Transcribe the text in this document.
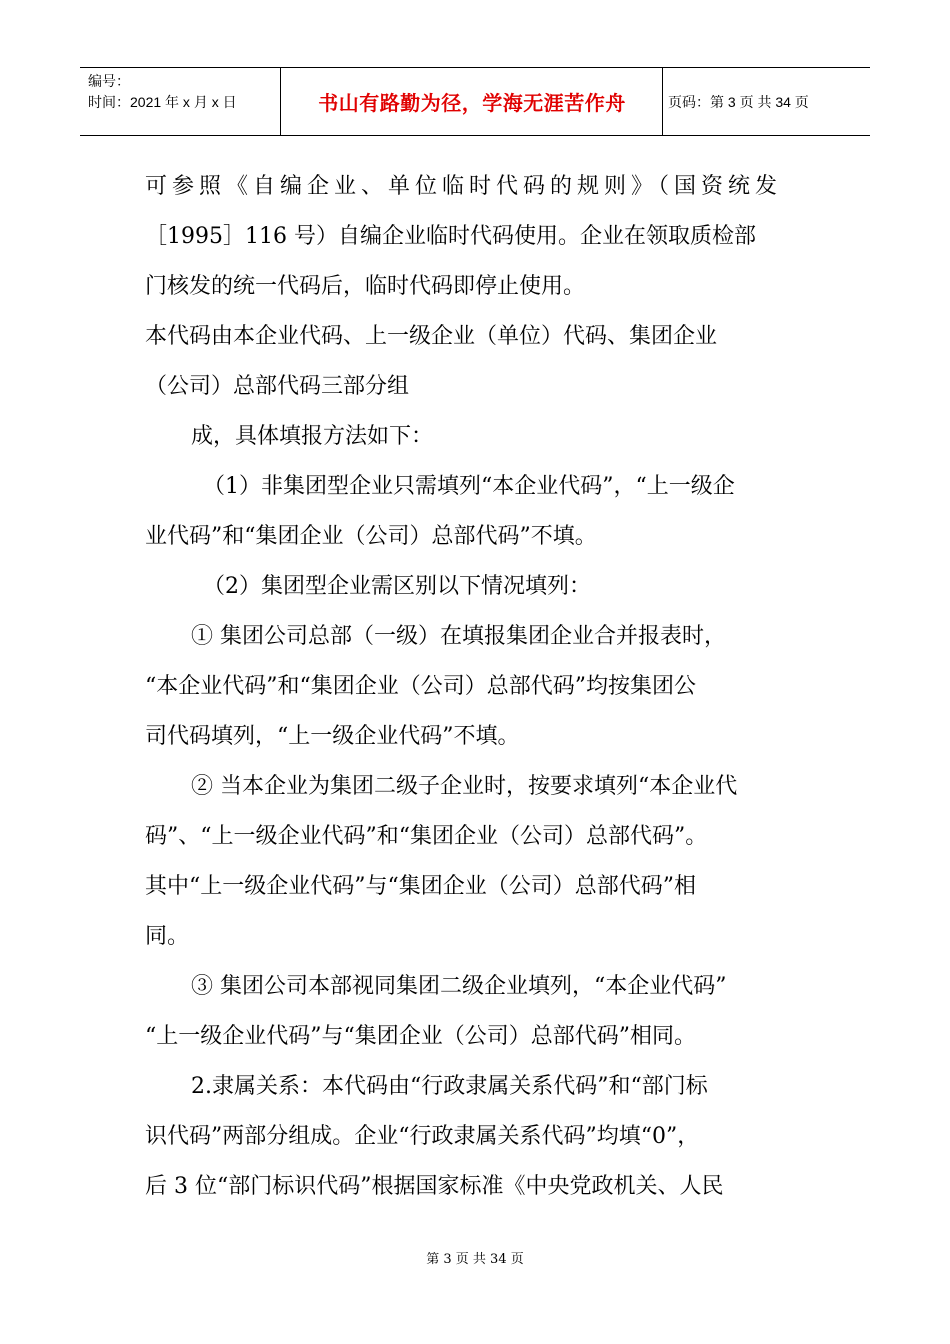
编号：
时间：2021 年 x 月 x 日	书山有路勤为径，学海无涯苦作舟	页码：第 3 页 共 34 页

可参照《自编企业、单位临时代码的规则》（国资统发

［1995］116 号）自编企业临时代码使用。企业在领取质检部

门核发的统一代码后，临时代码即停止使用。

本代码由本企业代码、上一级企业（单位）代码、集团企业

（公司）总部代码三部分组

成，具体填报方法如下：

（1）非集团型企业只需填列“本企业代码”，“上一级企

业代码”和“集团企业（公司）总部代码”不填。

（2）集团型企业需区别以下情况填列：

① 集团公司总部（一级）在填报集团企业合并报表时，

“本企业代码”和“集团企业（公司）总部代码”均按集团公

司代码填列，“上一级企业代码”不填。

② 当本企业为集团二级子企业时，按要求填列“本企业代

码”、“上一级企业代码”和“集团企业（公司）总部代码”。

其中“上一级企业代码”与“集团企业（公司）总部代码”相

同。

③ 集团公司本部视同集团二级企业填列，“本企业代码”

“上一级企业代码”与“集团企业（公司）总部代码”相同。

2.隶属关系：本代码由“行政隶属关系代码”和“部门标

识代码”两部分组成。企业“行政隶属关系代码”均填“0”，

后 3 位“部门标识代码”根据国家标准《中央党政机关、人民

第 3 页 共 34 页
